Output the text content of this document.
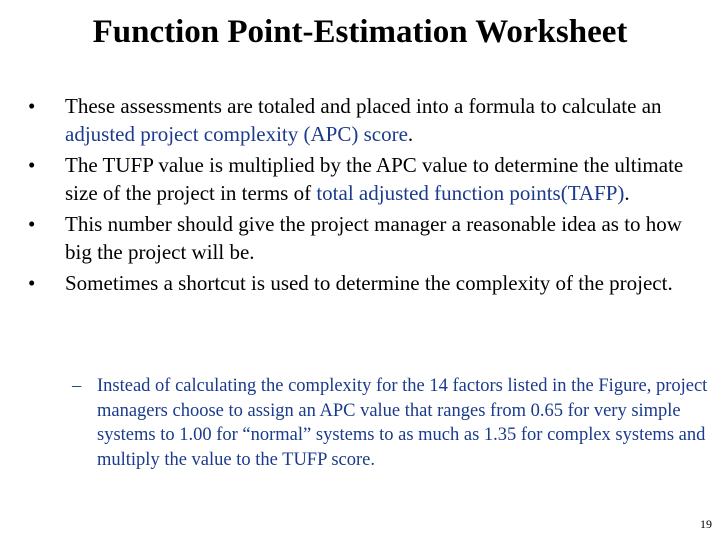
Function Point-Estimation Worksheet
•	These assessments are totaled and placed into a formula to calculate an adjusted project complexity (APC) score.
•	The TUFP value is multiplied by the APC value to determine the ultimate size of the project in terms of total adjusted function points(TAFP).
•	This number should give the project manager a reasonable idea as to how big the project will be.
•	Sometimes a shortcut is used to determine the complexity of the project.
– Instead of calculating the complexity for the 14 factors listed in the Figure, project managers choose to assign an APC value that ranges from 0.65 for very simple systems to 1.00 for “normal” systems to as much as 1.35 for complex systems and multiply the value to the TUFP score.
19
